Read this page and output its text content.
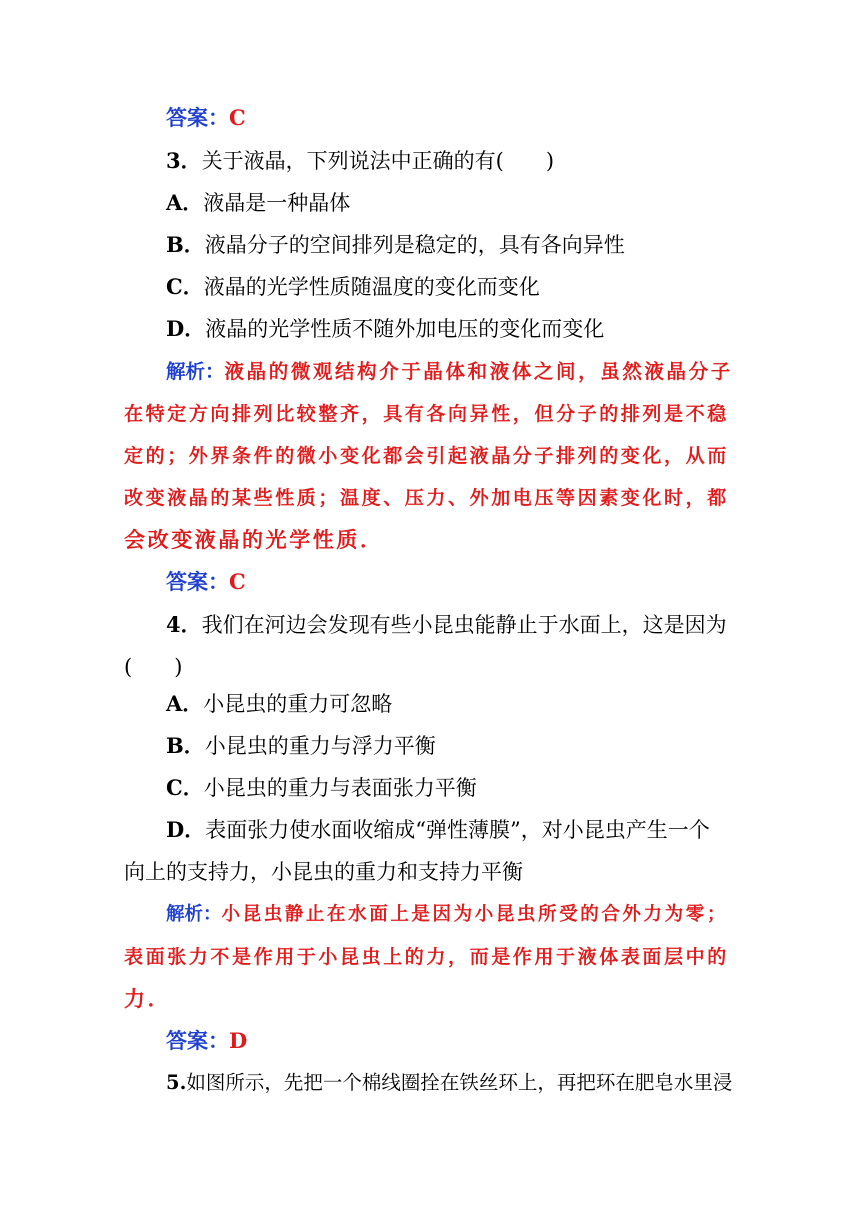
答案：C
3．关于液晶，下列说法中正确的有(　　)
A．液晶是一种晶体
B．液晶分子的空间排列是稳定的，具有各向异性
C．液晶的光学性质随温度的变化而变化
D．液晶的光学性质不随外加电压的变化而变化
解析：液晶的微观结构介于晶体和液体之间，虽然液晶分子
在特定方向排列比较整齐，具有各向异性，但分子的排列是不稳
定的；外界条件的微小变化都会引起液晶分子排列的变化，从而
改变液晶的某些性质；温度、压力、外加电压等因素变化时，都
会改变液晶的光学性质．
答案：C
4．我们在河边会发现有些小昆虫能静止于水面上，这是因为
(　　)
A．小昆虫的重力可忽略
B．小昆虫的重力与浮力平衡
C．小昆虫的重力与表面张力平衡
D．表面张力使水面收缩成“弹性薄膜”，对小昆虫产生一个
向上的支持力，小昆虫的重力和支持力平衡
解析：小昆虫静止在水面上是因为小昆虫所受的合外力为零；
表面张力不是作用于小昆虫上的力，而是作用于液体表面层中的
力．
答案：D
5.如图所示，先把一个棉线圈拴在铁丝环上，再把环在肥皂水里浸
